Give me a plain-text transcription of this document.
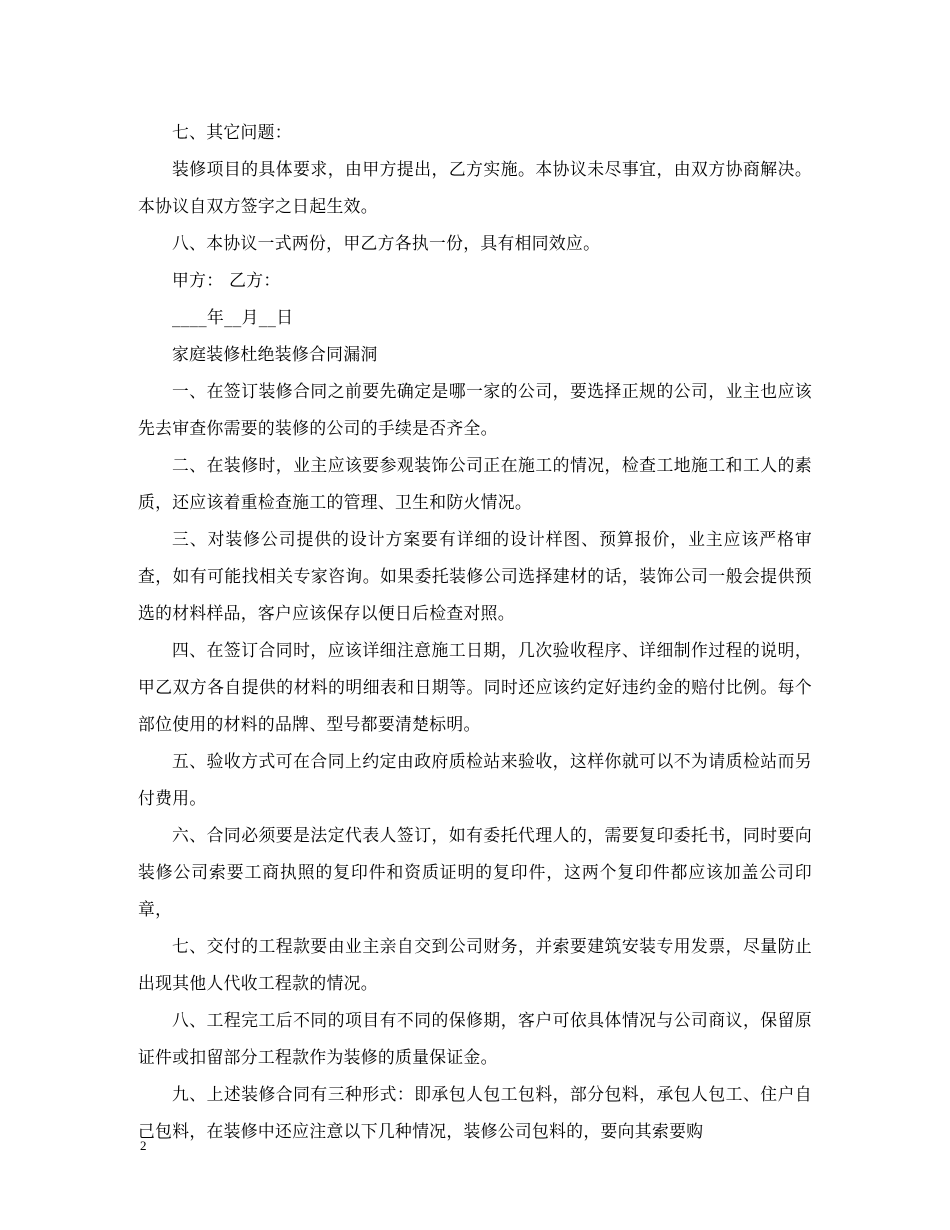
七、其它问题：

装修项目的具体要求，由甲方提出，乙方实施。本协议未尽事宜，由双方协商解决。本协议自双方签字之日起生效。

八、本协议一式两份，甲乙方各执一份，具有相同效应。

甲方： 乙方：

____年__月__日

家庭装修杜绝装修合同漏洞

一、在签订装修合同之前要先确定是哪一家的公司，要选择正规的公司，业主也应该先去审查你需要的装修的公司的手续是否齐全。

二、在装修时，业主应该要参观装饰公司正在施工的情况，检查工地施工和工人的素质，还应该着重检查施工的管理、卫生和防火情况。

三、对装修公司提供的设计方案要有详细的设计样图、预算报价，业主应该严格审查，如有可能找相关专家咨询。如果委托装修公司选择建材的话，装饰公司一般会提供预选的材料样品，客户应该保存以便日后检查对照。

四、在签订合同时，应该详细注意施工日期，几次验收程序、详细制作过程的说明，甲乙双方各自提供的材料的明细表和日期等。同时还应该约定好违约金的赔付比例。每个部位使用的材料的品牌、型号都要清楚标明。

五、验收方式可在合同上约定由政府质检站来验收，这样你就可以不为请质检站而另付费用。

六、合同必须要是法定代表人签订，如有委托代理人的，需要复印委托书，同时要向装修公司索要工商执照的复印件和资质证明的复印件，这两个复印件都应该加盖公司印章，

七、交付的工程款要由业主亲自交到公司财务，并索要建筑安装专用发票，尽量防止出现其他人代收工程款的情况。

八、工程完工后不同的项目有不同的保修期，客户可依具体情况与公司商议，保留原证件或扣留部分工程款作为装修的质量保证金。

九、上述装修合同有三种形式：即承包人包工包料，部分包料，承包人包工、住户自己包料，在装修中还应注意以下几种情况，装修公司包料的，要向其索要购

2
